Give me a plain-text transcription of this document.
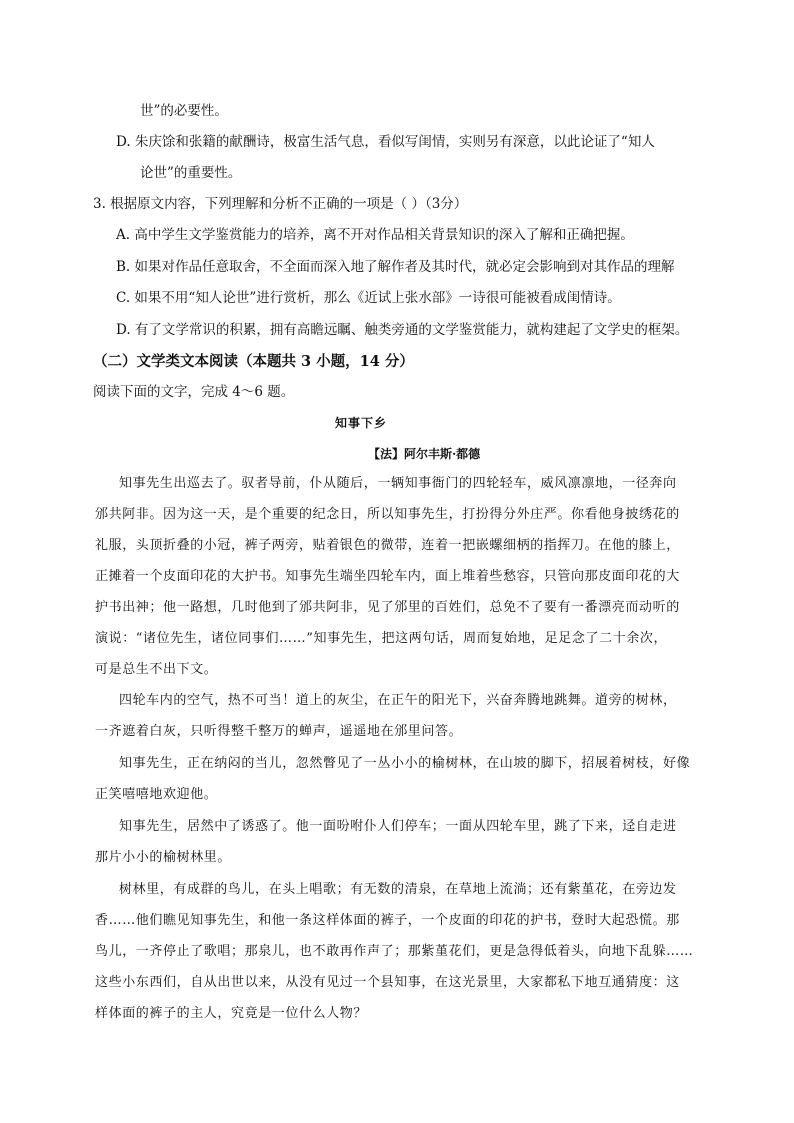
世”的必要性。
D. 朱庆馀和张籍的献酬诗，极富生活气息，看似写闺情，实则另有深意，以此论证了“知人
论世”的重要性。
3. 根据原文内容，下列理解和分析不正确的一项是（ ）（3分）
A. 高中学生文学鉴赏能力的培养，离不开对作品相关背景知识的深入了解和正确把握。
B. 如果对作品任意取舍，不全面而深入地了解作者及其时代，就必定会影响到对其作品的理解
C. 如果不用“知人论世”进行赏析，那么《近试上张水部》一诗很可能被看成闺情诗。
D. 有了文学常识的积累，拥有高瞻远瞩、触类旁通的文学鉴赏能力，就构建起了文学史的框架。
（二）文学类文本阅读（本题共 3 小题，14 分）
阅读下面的文字，完成 4～6 题。
知事下乡
【法】阿尔丰斯·都德
知事先生出巡去了。驭者导前，仆从随后，一辆知事衙门的四轮轻车，威风凛凛地，一径奔向
邠共阿非。因为这一天，是个重要的纪念日，所以知事先生，打扮得分外庄严。你看他身披绣花的
礼服，头顶折叠的小冠，裤子两旁，贴着银色的微带，连着一把嵌螺细柄的指挥刀。在他的膝上，
正摊着一个皮面印花的大护书。知事先生端坐四轮车内，面上堆着些愁容，只管向那皮面印花的大
护书出神；他一路想，几时他到了邠共阿非，见了邠里的百姓们，总免不了要有一番漂亮而动听的
演说：“诸位先生，诸位同事们……”知事先生，把这两句话，周而复始地，足足念了二十余次，
可是总生不出下文。
四轮车内的空气，热不可当！道上的灰尘，在正午的阳光下，兴奋奔腾地跳舞。道旁的树林，
一齐遮着白灰，只听得整千整万的蝉声，遥遥地在邠里问答。
知事先生，正在纳闷的当儿，忽然瞥见了一丛小小的榆树林，在山坡的脚下，招展着树枝，好像
正笑嘻嘻地欢迎他。
知事先生，居然中了诱惑了。他一面吩咐仆人们停车；一面从四轮车里，跳了下来，迳自走进
那片小小的榆树林里。
树林里，有成群的鸟儿，在头上唱歌；有无数的清泉，在草地上流淌；还有紫堇花，在旁边发
香……他们瞧见知事先生，和他一条这样体面的裤子，一个皮面的印花的护书，登时大起恐慌。那
鸟儿，一齐停止了歌唱；那泉儿，也不敢再作声了；那紫堇花们，更是急得低着头，向地下乱躲……
这些小东西们，自从出世以来，从没有见过一个县知事，在这光景里，大家都私下地互通猜度：这
样体面的裤子的主人，究竟是一位什么人物？
